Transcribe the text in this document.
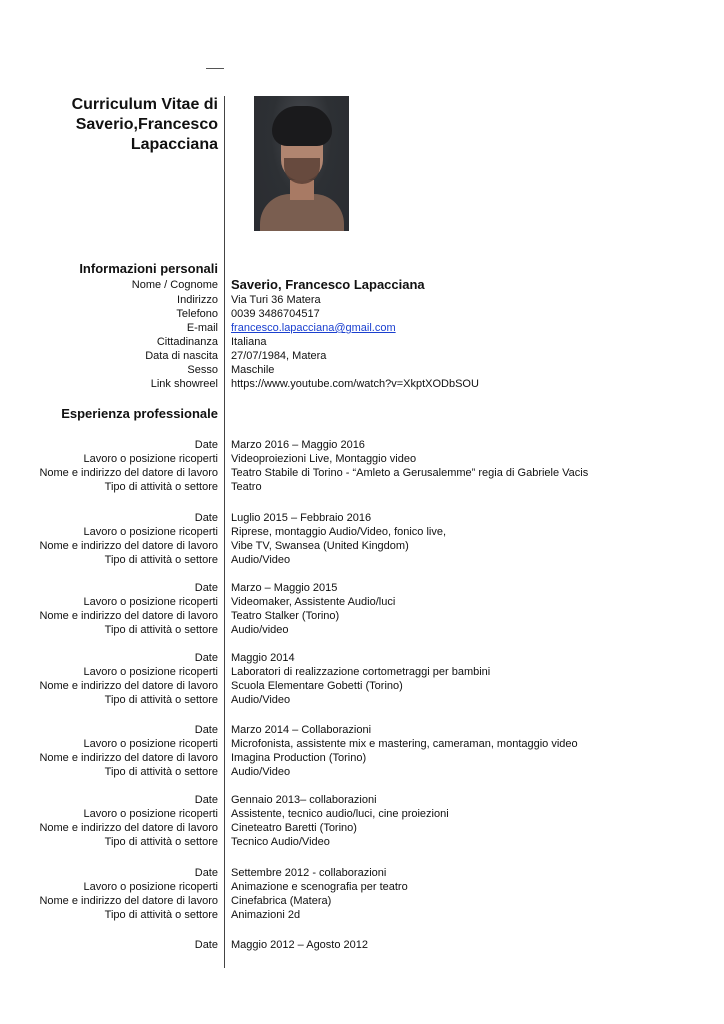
Curriculum Vitae di
Saverio,Francesco
Lapacciana
Informazioni personali
Nome / Cognome Saverio, Francesco Lapacciana
Indirizzo Via Turi 36 Matera
Telefono 0039 3486704517
E-mail francesco.lapacciana@gmail.com
Cittadinanza Italiana
Data di nascita 27/07/1984, Matera
Sesso Maschile
Link showreel https://www.youtube.com/watch?v=XkptXODbSOU
Esperienza professionale
Date Marzo 2016 – Maggio 2016
Lavoro o posizione ricoperti Videoproiezioni Live, Montaggio video
Nome e indirizzo del datore di lavoro Teatro Stabile di Torino - “Amleto a Gerusalemme” regia di Gabriele Vacis
Tipo di attività o settore Teatro
Date Luglio 2015 – Febbraio 2016
Lavoro o posizione ricoperti Riprese, montaggio Audio/Video, fonico live,
Nome e indirizzo del datore di lavoro Vibe TV, Swansea (United Kingdom)
Tipo di attività o settore Audio/Video
Date Marzo – Maggio 2015
Lavoro o posizione ricoperti Videomaker, Assistente Audio/luci
Nome e indirizzo del datore di lavoro Teatro Stalker (Torino)
Tipo di attività o settore Audio/video
Date Maggio 2014
Lavoro o posizione ricoperti Laboratori di realizzazione cortometraggi per bambini
Nome e indirizzo del datore di lavoro Scuola Elementare Gobetti (Torino)
Tipo di attività o settore Audio/Video
Date Marzo 2014 – Collaborazioni
Lavoro o posizione ricoperti Microfonista, assistente mix e mastering, cameraman, montaggio video
Nome e indirizzo del datore di lavoro Imagina Production (Torino)
Tipo di attività o settore Audio/Video
Date Gennaio 2013– collaborazioni
Lavoro o posizione ricoperti Assistente, tecnico audio/luci, cine proiezioni
Nome e indirizzo del datore di lavoro Cineteatro Baretti (Torino)
Tipo di attività o settore Tecnico Audio/Video
Date Settembre 2012 - collaborazioni
Lavoro o posizione ricoperti Animazione e scenografia per teatro
Nome e indirizzo del datore di lavoro Cinefabrica (Matera)
Tipo di attività o settore Animazioni 2d
Date Maggio 2012 – Agosto 2012
